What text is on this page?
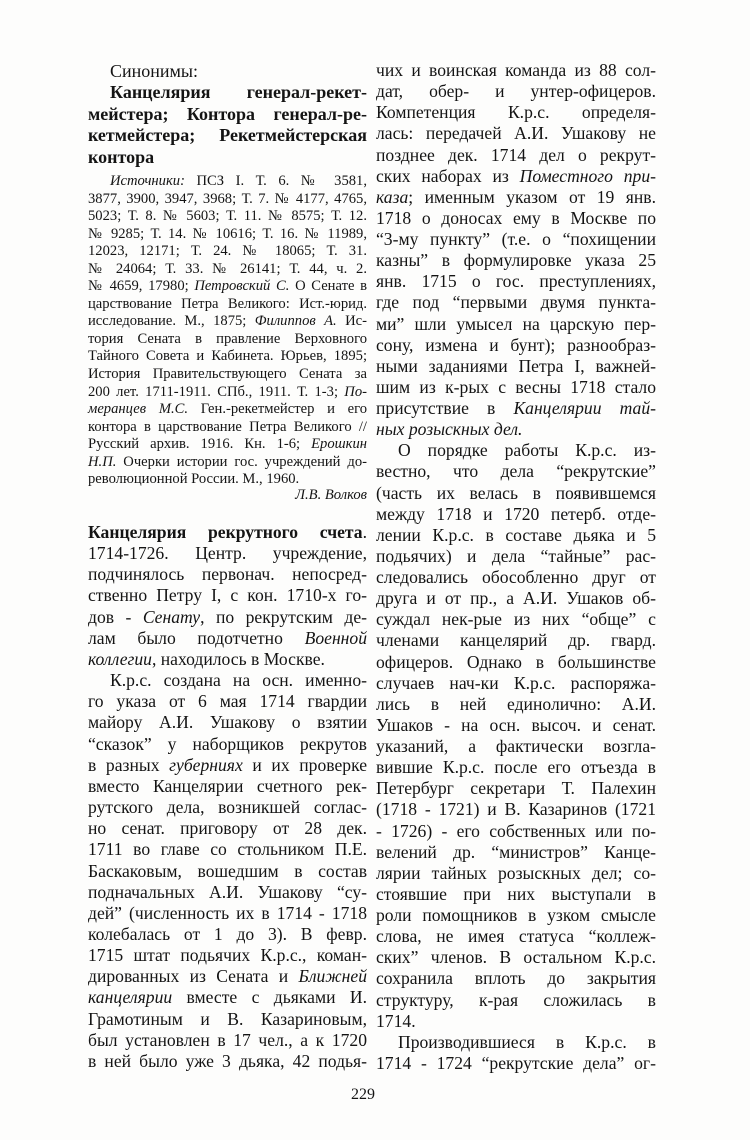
Синонимы:
Канцелярия генерал-рекет-
мейстера; Контора генерал-ре-
кетмейстера; Рекетмейстерская
контора
Источники: ПСЗ I. Т. 6. № 3581,
3877, 3900, 3947, 3968; Т. 7. № 4177, 4765,
5023; Т. 8. № 5603; Т. 11. № 8575; Т. 12.
№ 9285; Т. 14. № 10616; Т. 16. № 11989,
12023, 12171; Т. 24. № 18065; Т. 31.
№ 24064; Т. 33. № 26141; Т. 44, ч. 2.
№ 4659, 17980; Петровский С. О Сенате в
царствование Петра Великого: Ист.-юрид.
исследование. М., 1875; Филиппов А. Ис-
тория Сената в правление Верховного
Тайного Совета и Кабинета. Юрьев, 1895;
История Правительствующего Сената за
200 лет. 1711-1911. СПб., 1911. Т. 1-3; По-
меранцев М.С. Ген.-рекетмейстер и его
контора в царствование Петра Великого //
Русский архив. 1916. Кн. 1-6; Ерошкин
Н.П. Очерки истории гос. учреждений до-
революционной России. М., 1960.
Л.В. Волков
Канцелярия рекрутного счета.
1714-1726. Центр. учреждение,
подчинялось первонач. непосред-
ственно Петру I, с кон. 1710-х го-
дов - Сенату, по рекрутским де-
лам было подотчетно Военной
коллегии, находилось в Москве.
К.р.с. создана на осн. именно-
го указа от 6 мая 1714 гвардии
майору А.И. Ушакову о взятии
“сказок” у наборщиков рекрутов
в разных губерниях и их проверке
вместо Канцелярии счетного рек-
рутского дела, возникшей соглас-
но сенат. приговору от 28 дек.
1711 во главе со стольником П.Е.
Баскаковым, вошедшим в состав
подначальных А.И. Ушакову “су-
дей” (численность их в 1714 - 1718
колебалась от 1 до 3). В февр.
1715 штат подьячих К.р.с., коман-
дированных из Сената и Ближней
канцелярии вместе с дьяками И.
Грамотиным и В. Казариновым,
был установлен в 17 чел., а к 1720
в ней было уже 3 дьяка, 42 подья-
чих и воинская команда из 88 сол-
дат, обер- и унтер-офицеров.
Компетенция К.р.с. определя-
лась: передачей А.И. Ушакову не
позднее дек. 1714 дел о рекрут-
ских наборах из Поместного при-
каза; именным указом от 19 янв.
1718 о доносах ему в Москве по
“3-му пункту” (т.е. о “похищении
казны” в формулировке указа 25
янв. 1715 о гос. преступлениях,
где под “первыми двумя пункта-
ми” шли умысел на царскую пер-
сону, измена и бунт); разнообраз-
ными заданиями Петра I, важней-
шим из к-рых с весны 1718 стало
присутствие в Канцелярии тай-
ных розыскных дел.
О порядке работы К.р.с. из-
вестно, что дела “рекрутские”
(часть их велась в появившемся
между 1718 и 1720 петерб. отде-
лении К.р.с. в составе дьяка и 5
подьячих) и дела “тайные” рас-
следовались обособленно друг от
друга и от пр., а А.И. Ушаков об-
суждал нек-рые из них “обще” с
членами канцелярий др. гвард.
офицеров. Однако в большинстве
случаев нач-ки К.р.с. распоряжа-
лись в ней единолично: А.И.
Ушаков - на осн. высоч. и сенат.
указаний, а фактически возгла-
вившие К.р.с. после его отъезда в
Петербург секретари Т. Палехин
(1718 - 1721) и В. Казаринов (1721
- 1726) - его собственных или по-
велений др. “министров” Канце-
лярии тайных розыскных дел; со-
стоявшие при них выступали в
роли помощников в узком смысле
слова, не имея статуса “коллеж-
ских” членов. В остальном К.р.с.
сохранила вплоть до закрытия
структуру, к-рая сложилась в
1714.
Производившиеся в К.р.с. в
1714 - 1724 “рекрутские дела” ог-
229
